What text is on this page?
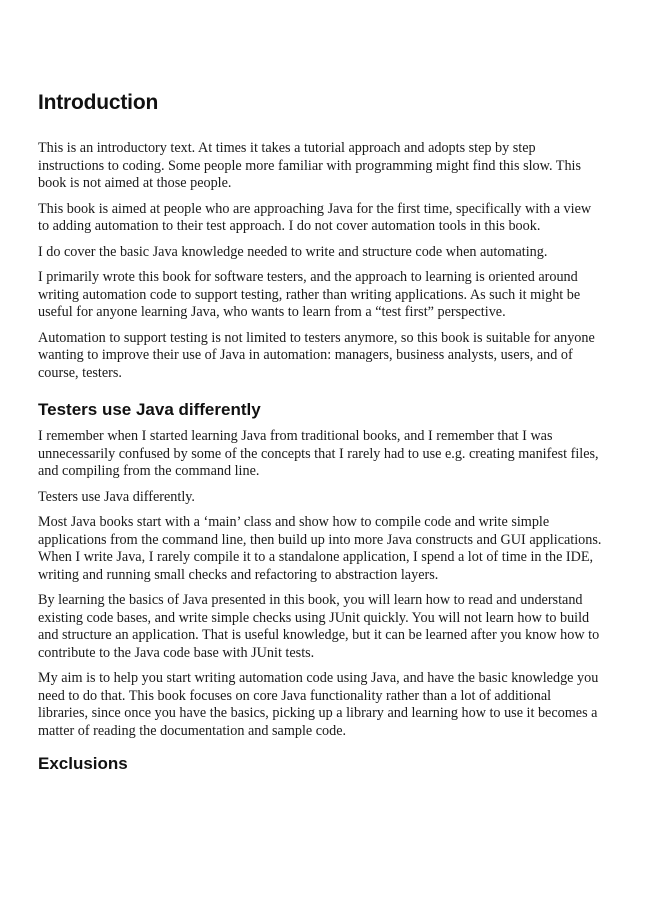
Introduction

This is an introductory text. At times it takes a tutorial approach and adopts step by step instructions to coding. Some people more familiar with programming might find this slow. This book is not aimed at those people.

This book is aimed at people who are approaching Java for the first time, specifically with a view to adding automation to their test approach. I do not cover automation tools in this book.

I do cover the basic Java knowledge needed to write and structure code when automating.

I primarily wrote this book for software testers, and the approach to learning is oriented around writing automation code to support testing, rather than writing applications. As such it might be useful for anyone learning Java, who wants to learn from a “test first” perspective.

Automation to support testing is not limited to testers anymore, so this book is suitable for anyone wanting to improve their use of Java in automation: managers, business analysts, users, and of course, testers.

Testers use Java differently

I remember when I started learning Java from traditional books, and I remember that I was unnecessarily confused by some of the concepts that I rarely had to use e.g. creating manifest files, and compiling from the command line.

Testers use Java differently.

Most Java books start with a ‘main’ class and show how to compile code and write simple applications from the command line, then build up into more Java constructs and GUI applications. When I write Java, I rarely compile it to a standalone application, I spend a lot of time in the IDE, writing and running small checks and refactoring to abstraction layers.

By learning the basics of Java presented in this book, you will learn how to read and understand existing code bases, and write simple checks using JUnit quickly. You will not learn how to build and structure an application. That is useful knowledge, but it can be learned after you know how to contribute to the Java code base with JUnit tests.

My aim is to help you start writing automation code using Java, and have the basic knowledge you need to do that. This book focuses on core Java functionality rather than a lot of additional libraries, since once you have the basics, picking up a library and learning how to use it becomes a matter of reading the documentation and sample code.

Exclusions
